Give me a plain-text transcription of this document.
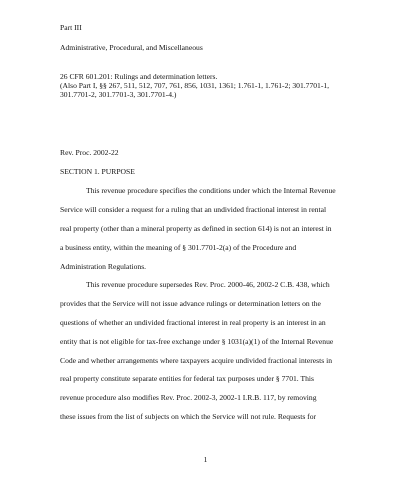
Part III
Administrative, Procedural, and Miscellaneous
26 CFR 601.201: Rulings and determination letters.
(Also Part I, §§ 267, 511, 512, 707, 761, 856, 1031, 1361; 1.761-1, 1.761-2; 301.7701-1,
301.7701-2, 301.7701-3, 301.7701-4.)
Rev. Proc. 2002-22
SECTION 1. PURPOSE
This revenue procedure specifies the conditions under which the Internal Revenue
Service will consider a request for a ruling that an undivided fractional interest in rental
real property (other than a mineral property as defined in section 614) is not an interest in
a business entity, within the meaning of § 301.7701-2(a) of the Procedure and
Administration Regulations.
This revenue procedure supersedes Rev. Proc. 2000-46, 2002-2 C.B. 438, which
provides that the Service will not issue advance rulings or determination letters on the
questions of whether an undivided fractional interest in real property is an interest in an
entity that is not eligible for tax-free exchange under § 1031(a)(1) of the Internal Revenue
Code and whether arrangements where taxpayers acquire undivided fractional interests in
real property constitute separate entities for federal tax purposes under § 7701. This
revenue procedure also modifies Rev. Proc. 2002-3, 2002-1 I.R.B. 117, by removing
these issues from the list of subjects on which the Service will not rule. Requests for
1
